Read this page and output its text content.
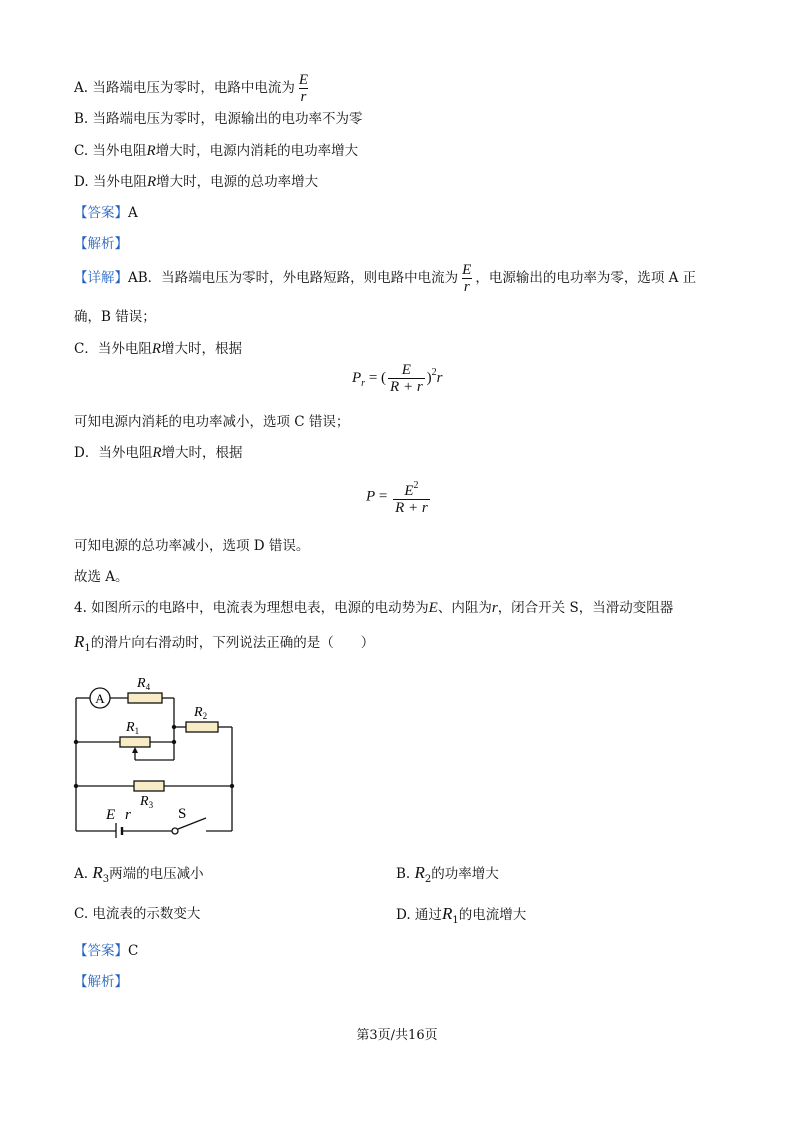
A. 当路端电压为零时，电路中电流为 $\frac{E}{r}$
B. 当路端电压为零时，电源输出的电功率不为零
C. 当外电阻R增大时，电源内消耗的电功率增大
D. 当外电阻R增大时，电源的总功率增大
【答案】A
【解析】
【详解】AB．当路端电压为零时，外电路短路，则电路中电流为 $\frac{E}{r}$ ，电源输出的电功率为零，选项 A 正
确，B 错误；
C．当外电阻R增大时，根据
$P_r$ = ( $\frac{E}{R + r} )^2r$
可知电源内消耗的电功率减小，选项 C 错误；
D．当外电阻R增大时，根据
$P = \frac{E^2}{R + r}$
可知电源的总功率减小，选项 D 错误。
故选 A。
4. 如图所示的电路中，电流表为理想电表，电源的电动势为E、内阻为r，闭合开关 S，当滑动变阻器
$R_1$的滑片向右滑动时，下列说法正确的是（　　）
A
$R_4$
$R_2$
$R_1$
$R_3$
E r	S
A. $R_3$两端的电压减小	B. $R_2$的功率增大
C. 电流表的示数变大	D. 通过$R_1$的电流增大
【答案】C
【解析】
第3页/共16页
